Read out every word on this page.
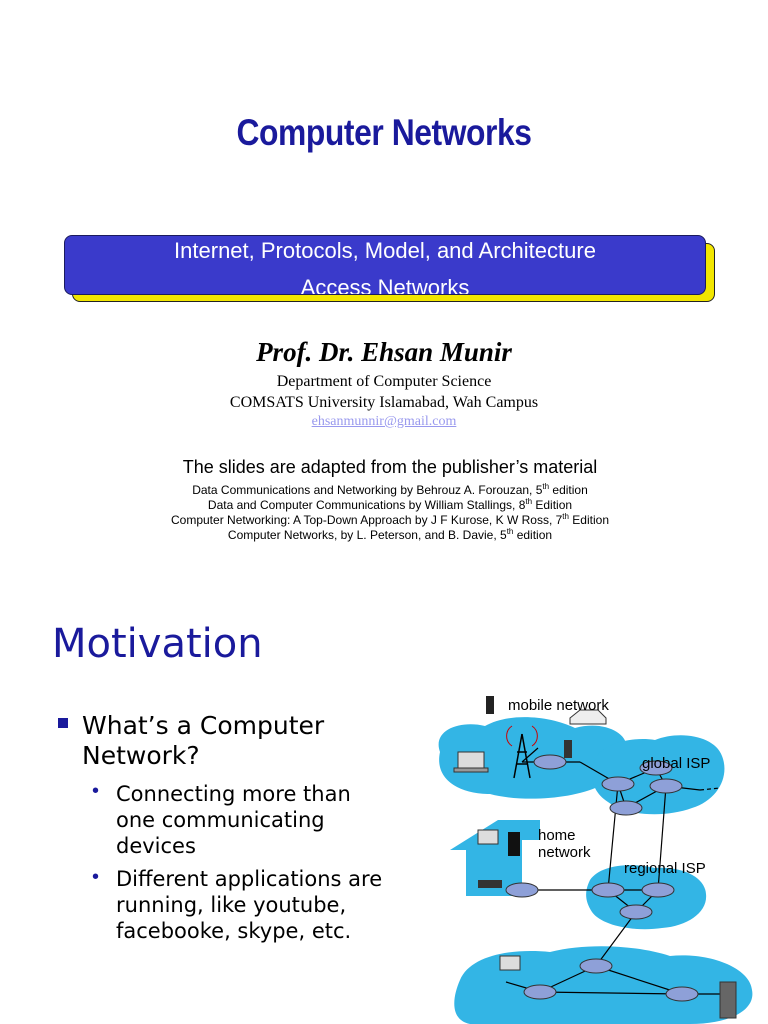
Computer Networks
Internet, Protocols, Model, and Architecture
Access Networks
Prof. Dr. Ehsan Munir
Department of Computer Science
COMSATS University Islamabad, Wah Campus
ehsanmunnir@gmail.com
The slides are adapted from the publisher’s material
Data Communications and Networking by Behrouz A. Forouzan, 5th edition
Data and Computer Communications by William Stallings, 8th Edition
Computer Networking: A Top-Down Approach by J F Kurose, K W Ross, 7th Edition
Computer Networks, by L. Peterson, and B. Davie, 5th edition
Motivation
What’s a Computer
Network?
• Connecting more than
one communicating
devices
• Different applications are
running, like youtube,
facebooke, skype, etc.
mobile network
global ISP
home
network
regional ISP
